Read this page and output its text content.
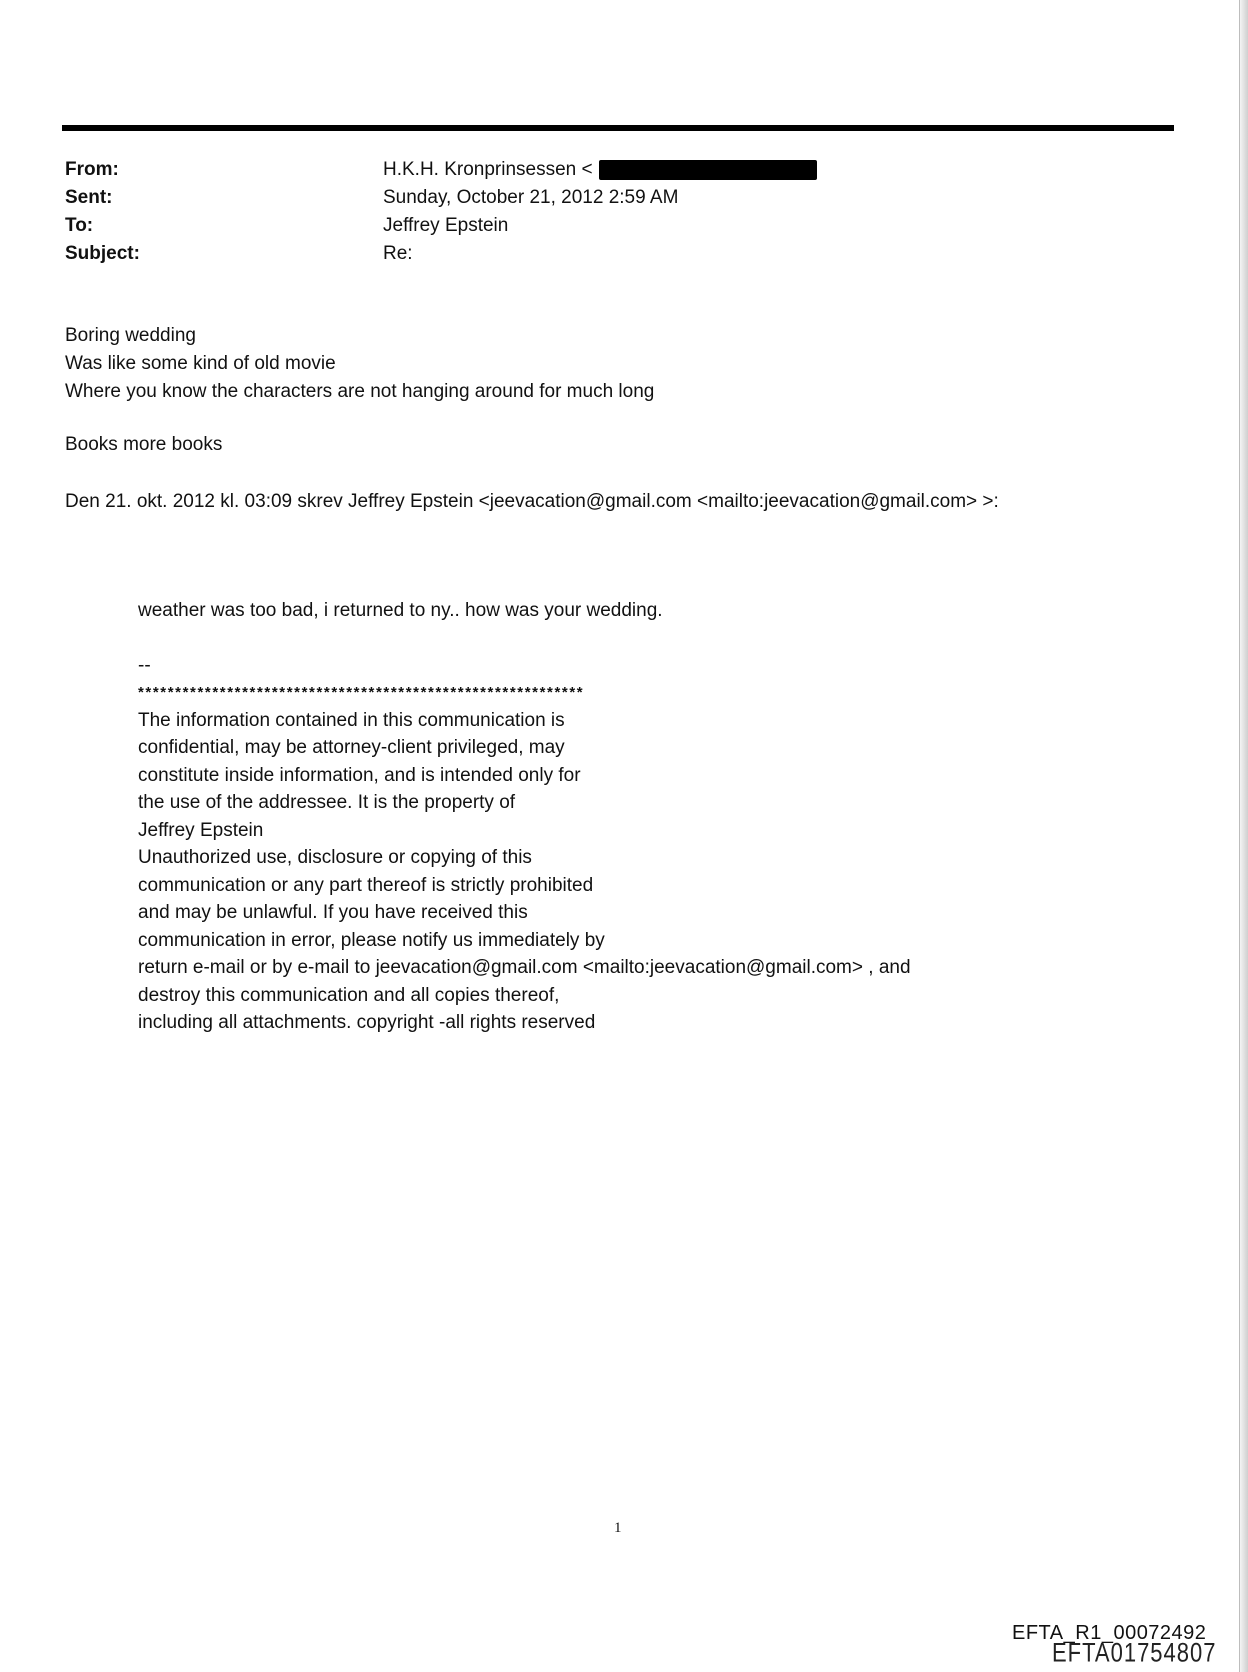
From:	H.K.H. Kronprinsessen <
Sent:	Sunday, October 21, 2012 2:59 AM
To:	Jeffrey Epstein
Subject:	Re:
Boring wedding
Was like some kind of old movie
Where you know the characters are not hanging around for much long
Books more books
Den 21. okt. 2012 kl. 03:09 skrev Jeffrey Epstein <jeevacation@gmail.com <mailto:jeevacation@gmail.com> >:
weather was too bad, i returned to ny.. how was your wedding.
--
************************************************************
The information contained in this communication is
confidential, may be attorney-client privileged, may
constitute inside information, and is intended only for
the use of the addressee. It is the property of
Jeffrey Epstein
Unauthorized use, disclosure or copying of this
communication or any part thereof is strictly prohibited
and may be unlawful. If you have received this
communication in error, please notify us immediately by
return e-mail or by e-mail to jeevacation@gmail.com <mailto:jeevacation@gmail.com> , and
destroy this communication and all copies thereof,
including all attachments. copyright -all rights reserved
1
EFTA_R1_00072492
EFTA01754807
